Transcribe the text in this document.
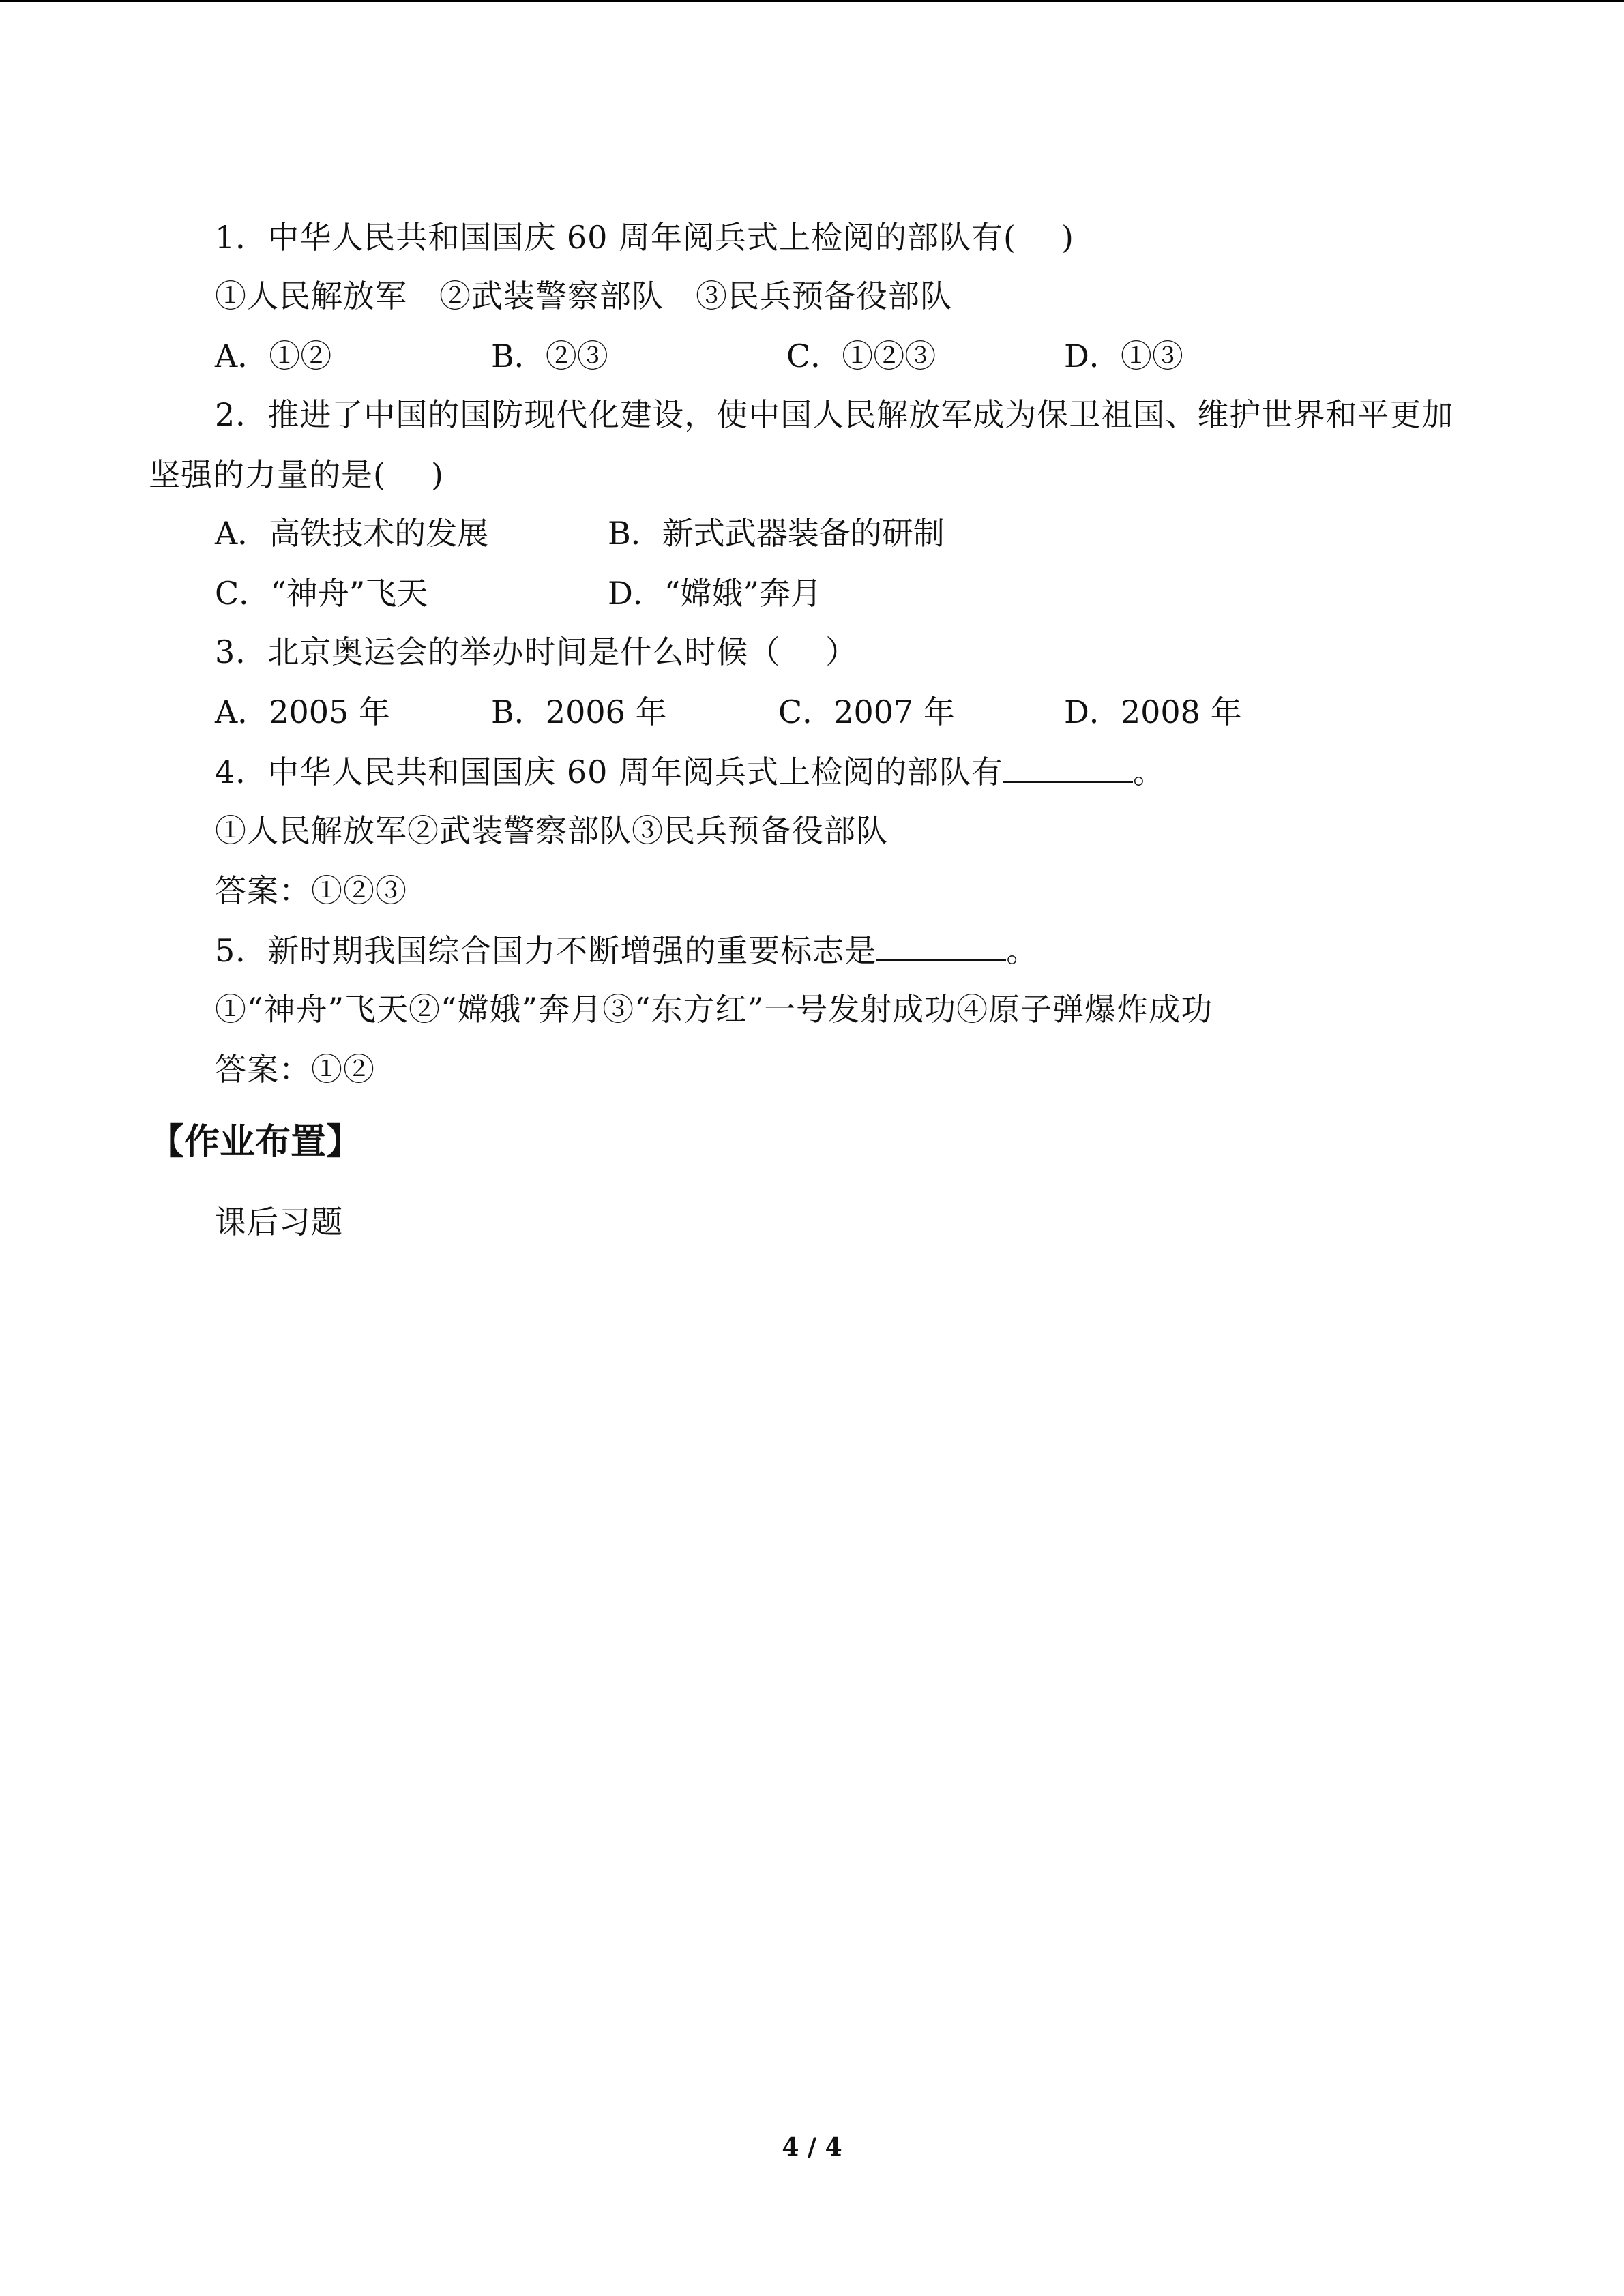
1．中华人民共和国国庆 60 周年阅兵式上检阅的部队有( )
①人民解放军　②武装警察部队　③民兵预备役部队

A．①②

	B．②③

	C．①②③

	D．①③

2．推进了中国的国防现代化建设，使中国人民解放军成为保卫祖国、维护世界和平更加
坚强的力量的是( )

A．高铁技术的发展

	B．新式武器装备的研制

C．“神舟”飞天

	D．“嫦娥”奔月

3．北京奥运会的举办时间是什么时候（ ）

A．2005 年

	B．2006 年

	C．2007 年

	D．2008 年

4．中华人民共和国国庆 60 周年阅兵式上检阅的部队有	。
①人民解放军②武装警察部队③民兵预备役部队
答案：①②③
5．新时期我国综合国力不断增强的重要标志是	。
①“神舟”飞天②“嫦娥”奔月③“东方红”一号发射成功④原子弹爆炸成功
答案：①②
【作业布置】
课后习题
4 / 4
